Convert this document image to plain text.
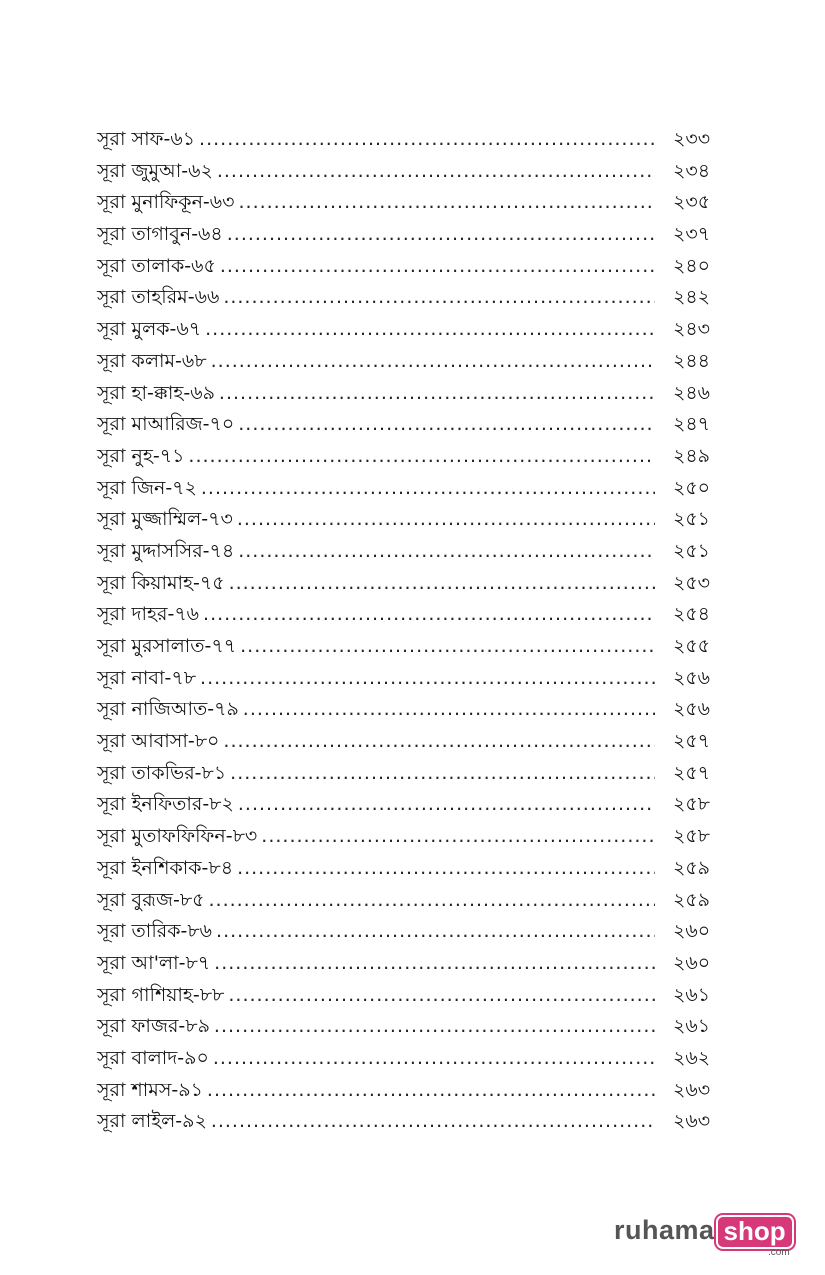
সূরা সাফ-৬১ .....	২৩৩
সূরা জুমুআ-৬২ .....	২৩৪
সূরা মুনাফিকূন-৬৩ .....	২৩৫
সূরা তাগাবুন-৬৪ .....	২৩৭
সূরা তালাক-৬৫ .....	২৪০
সূরা তাহরিম-৬৬ .....	২৪২
সূরা মুলক-৬৭ .....	২৪৩
সূরা কলাম-৬৮ .....	২৪৪
সূরা হা-ক্কাহ-৬৯ .....	২৪৬
সূরা মাআরিজ-৭০ .....	২৪৭
সূরা নুহ-৭১ .....	২৪৯
সূরা জিন-৭২ .....	২৫০
সূরা মুজ্জাম্মিল-৭৩ .....	২৫১
সূরা মুদ্দাসসির-৭৪ .....	২৫১
সূরা কিয়ামাহ-৭৫ .....	২৫৩
সূরা দাহর-৭৬ .....	২৫৪
সূরা মুরসালাত-৭৭ .....	২৫৫
সূরা নাবা-৭৮ .....	২৫৬
সূরা নাজিআত-৭৯ .....	২৫৬
সূরা আবাসা-৮০ .....	২৫৭
সূরা তাকভির-৮১ .....	২৫৭
সূরা ইনফিতার-৮২ .....	২৫৮
সূরা মুতাফফিফিন-৮৩ .....	২৫৮
সূরা ইনশিকাক-৮৪ .....	২৫৯
সূরা বুরূজ-৮৫ .....	২৫৯
সূরা তারিক-৮৬ .....	২৬০
সূরা আ'লা-৮৭ .....	২৬০
সূরা গাশিয়াহ-৮৮ .....	২৬১
সূরা ফাজর-৮৯ .....	২৬১
সূরা বালাদ-৯০ .....	২৬২
সূরা শামস-৯১ .....	২৬৩
সূরা লাইল-৯২ .....	২৬৩
ruhama shop
.com
